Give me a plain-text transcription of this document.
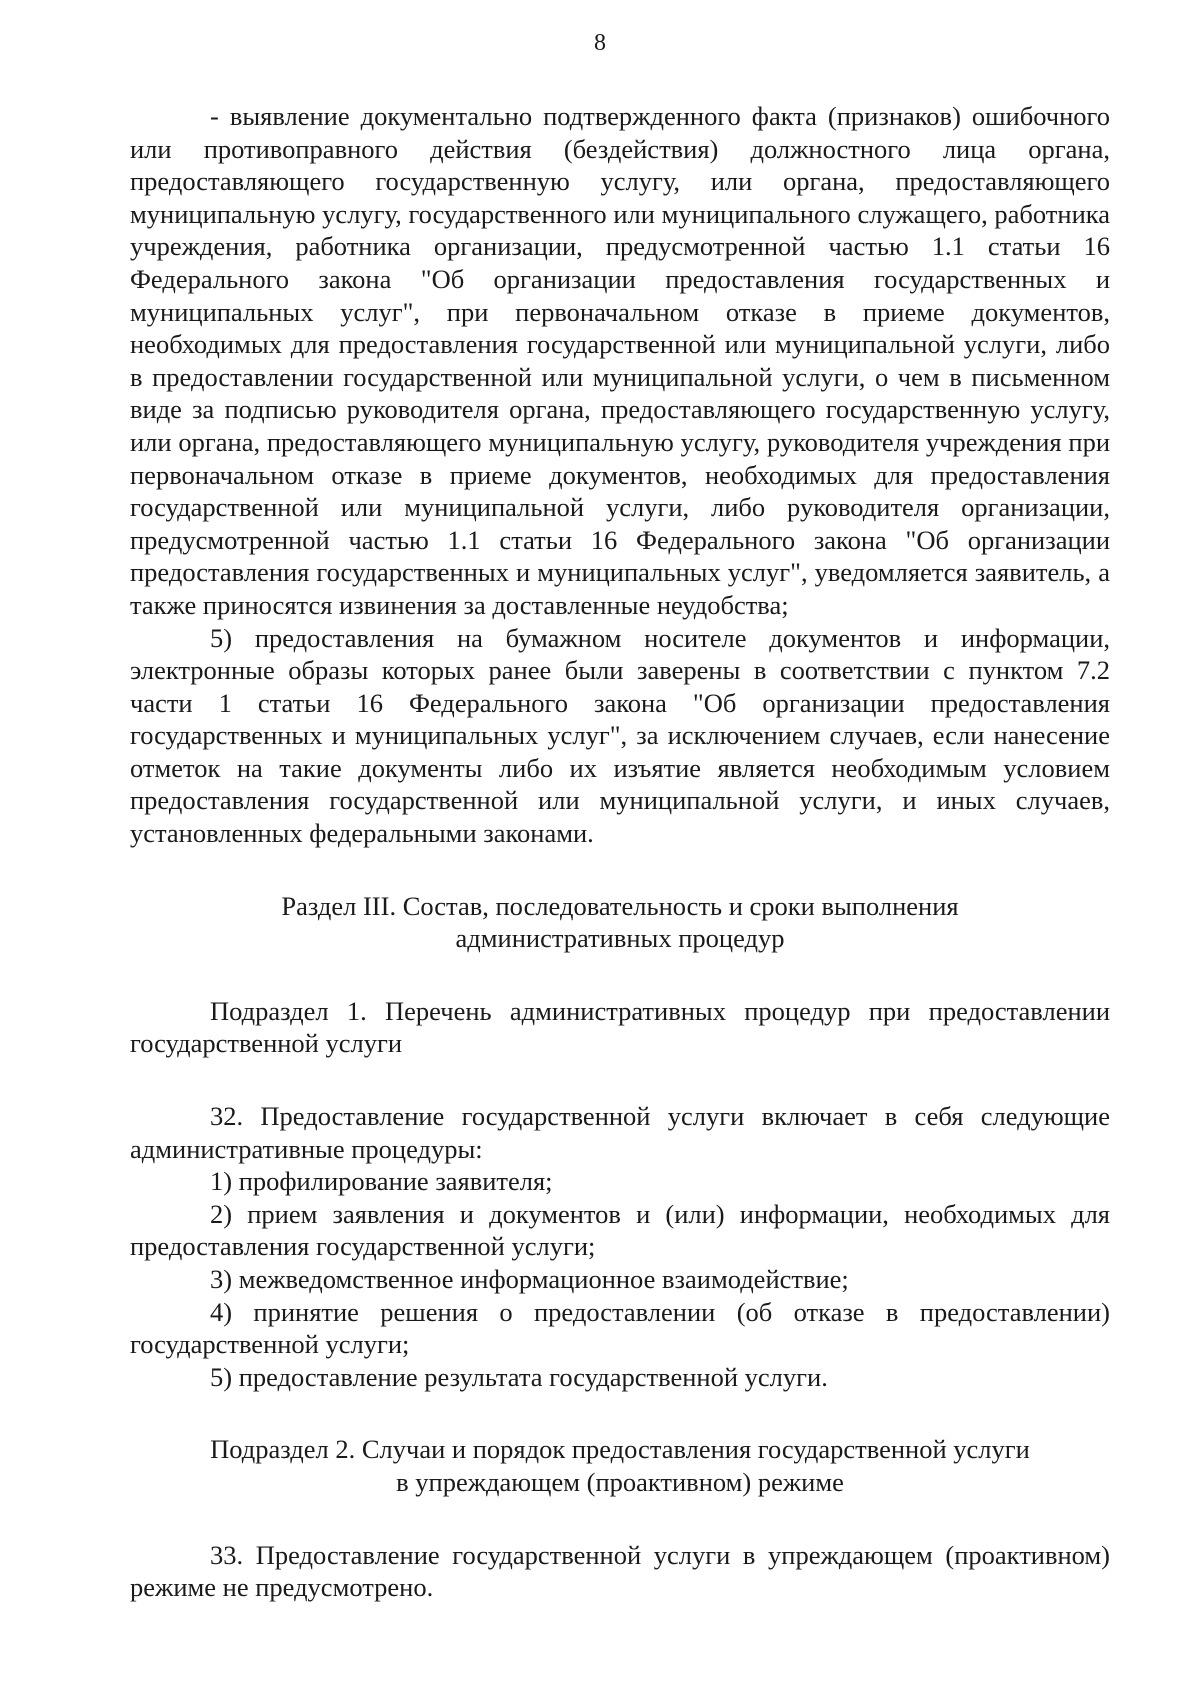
8

- выявление документально подтвержденного факта (признаков) ошибочного или противоправного действия (бездействия) должностного лица органа, предоставляющего государственную услугу, или органа, предоставляющего муниципальную услугу, государственного или муниципального служащего, работника учреждения, работника организации, предусмотренной частью 1.1 статьи 16 Федерального закона "Об организации предоставления государственных и муниципальных услуг", при первоначальном отказе в приеме документов, необходимых для предоставления государственной или муниципальной услуги, либо в предоставлении государственной или муниципальной услуги, о чем в письменном виде за подписью руководителя органа, предоставляющего государственную услугу, или органа, предоставляющего муниципальную услугу, руководителя учреждения при первоначальном отказе в приеме документов, необходимых для предоставления государственной или муниципальной услуги, либо руководителя организации, предусмотренной частью 1.1 статьи 16 Федерального закона "Об организации предоставления государственных и муниципальных услуг", уведомляется заявитель, а также приносятся извинения за доставленные неудобства;

5) предоставления на бумажном носителе документов и информации, электронные образы которых ранее были заверены в соответствии с пунктом 7.2 части 1 статьи 16 Федерального закона "Об организации предоставления государственных и муниципальных услуг", за исключением случаев, если нанесение отметок на такие документы либо их изъятие является необходимым условием предоставления государственной или муниципальной услуги, и иных случаев, установленных федеральными законами.

Раздел III. Состав, последовательность и сроки выполнения
административных процедур

Подраздел 1. Перечень административных процедур при предоставлении государственной услуги

32. Предоставление государственной услуги включает в себя следующие административные процедуры:

1) профилирование заявителя;

2) прием заявления и документов и (или) информации, необходимых для предоставления государственной услуги;

3) межведомственное информационное взаимодействие;

4) принятие решения о предоставлении (об отказе в предоставлении) государственной услуги;

5) предоставление результата государственной услуги.

Подраздел 2. Случаи и порядок предоставления государственной услуги
в упреждающем (проактивном) режиме

33. Предоставление государственной услуги в упреждающем (проактивном) режиме не предусмотрено.
